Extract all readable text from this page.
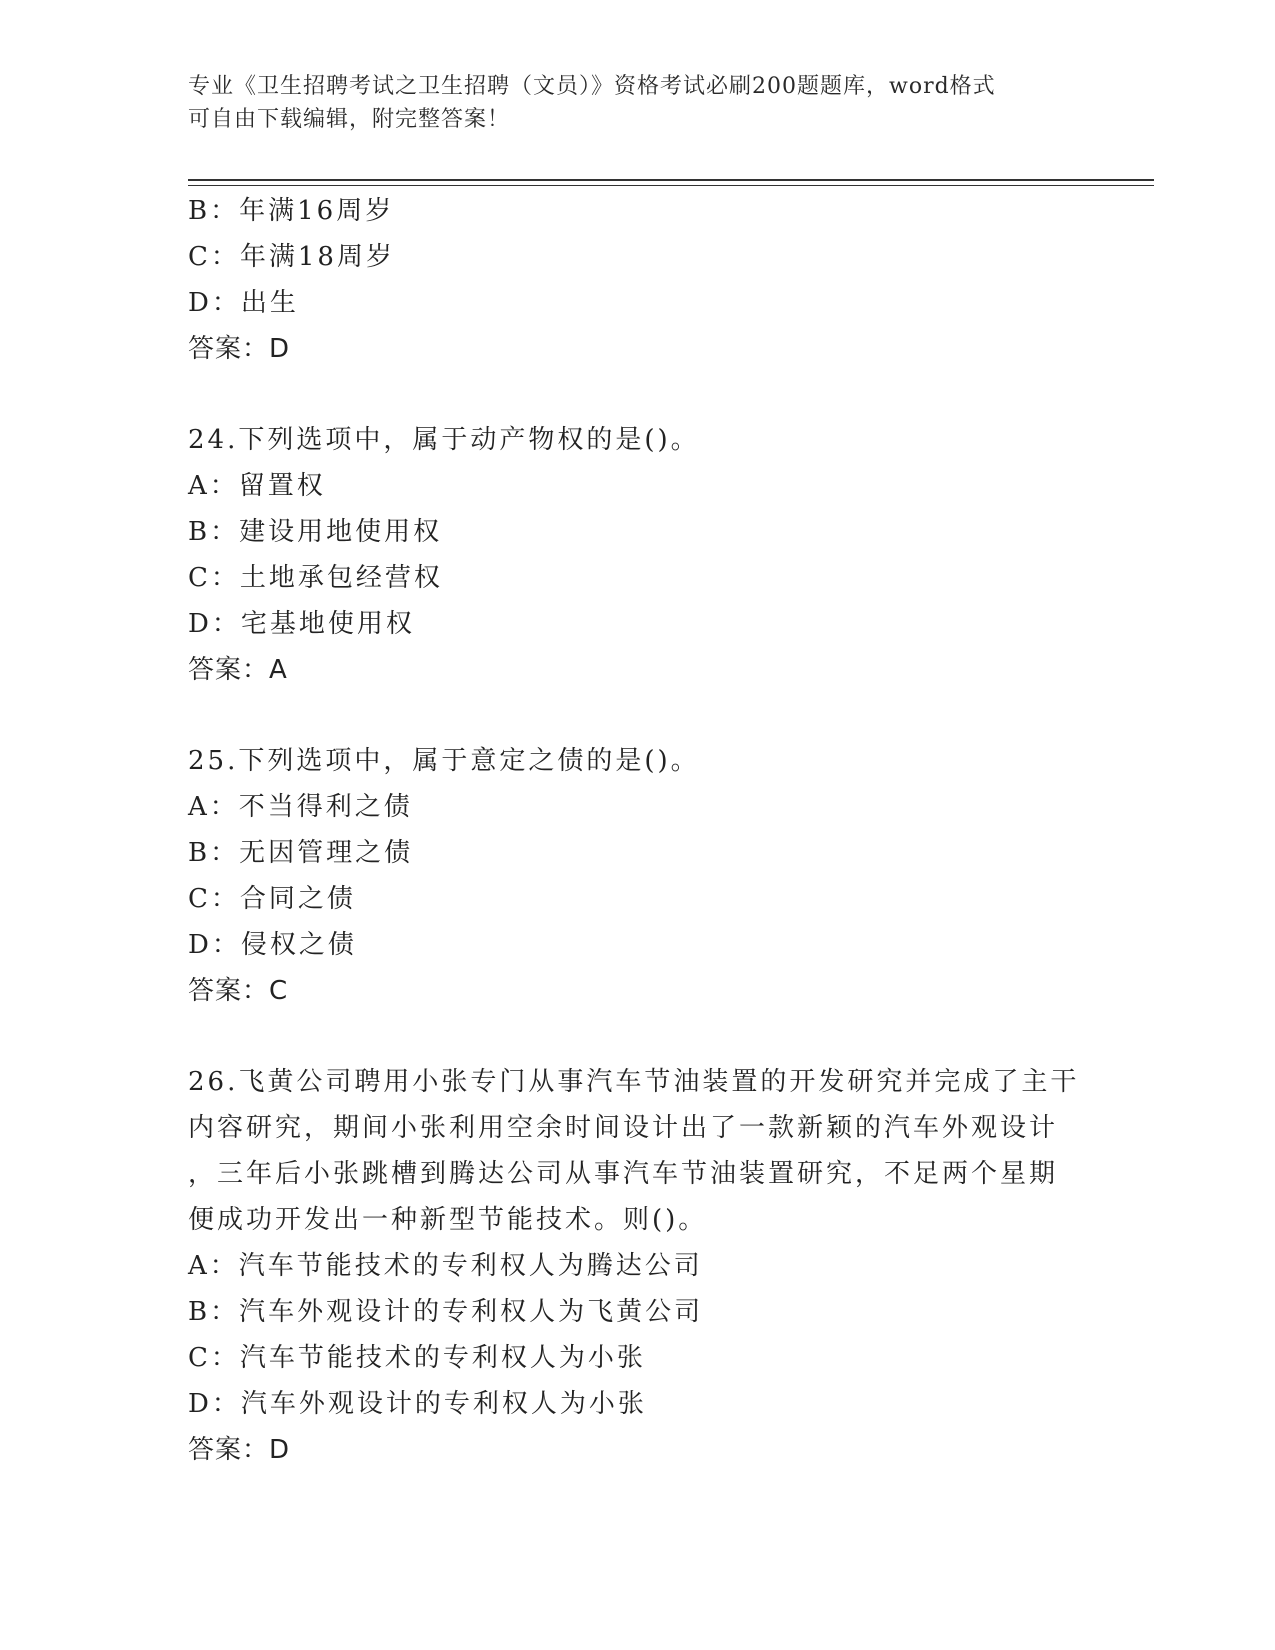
专业《卫生招聘考试之卫生招聘（文员）》资格考试必刷200题题库，word格式
可自由下载编辑，附完整答案！
B：年满16周岁
C：年满18周岁
D：出生
答案：D
24.下列选项中，属于动产物权的是()。
A：留置权
B：建设用地使用权
C：土地承包经营权
D：宅基地使用权
答案：A
25.下列选项中，属于意定之债的是()。
A：不当得利之债
B：无因管理之债
C：合同之债
D：侵权之债
答案：C
26.飞黄公司聘用小张专门从事汽车节油装置的开发研究并完成了主干
内容研究，期间小张利用空余时间设计出了一款新颖的汽车外观设计
，三年后小张跳槽到腾达公司从事汽车节油装置研究，不足两个星期
便成功开发出一种新型节能技术。则()。
A：汽车节能技术的专利权人为腾达公司
B：汽车外观设计的专利权人为飞黄公司
C：汽车节能技术的专利权人为小张
D：汽车外观设计的专利权人为小张
答案：D
